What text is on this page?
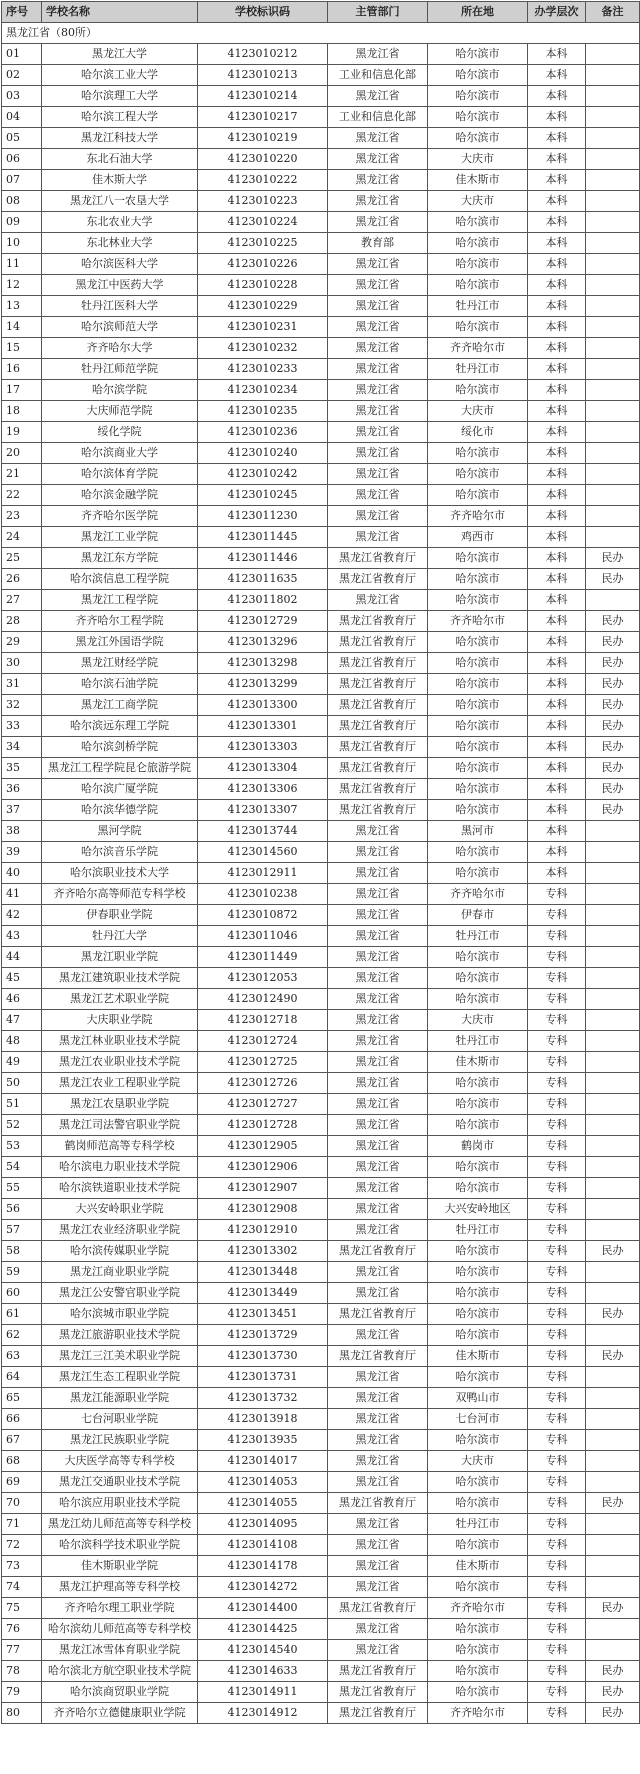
序号	学校名称	学校标识码	主管部门	所在地	办学层次	备注
黑龙江省（80所）						
01	黑龙江大学	4123010212	黑龙江省	哈尔滨市	本科	
02	哈尔滨工业大学	4123010213	工业和信息化部	哈尔滨市	本科	
03	哈尔滨理工大学	4123010214	黑龙江省	哈尔滨市	本科	
04	哈尔滨工程大学	4123010217	工业和信息化部	哈尔滨市	本科	
05	黑龙江科技大学	4123010219	黑龙江省	哈尔滨市	本科	
06	东北石油大学	4123010220	黑龙江省	大庆市	本科	
07	佳木斯大学	4123010222	黑龙江省	佳木斯市	本科	
08	黑龙江八一农垦大学	4123010223	黑龙江省	大庆市	本科	
09	东北农业大学	4123010224	黑龙江省	哈尔滨市	本科	
10	东北林业大学	4123010225	教育部	哈尔滨市	本科	
11	哈尔滨医科大学	4123010226	黑龙江省	哈尔滨市	本科	
12	黑龙江中医药大学	4123010228	黑龙江省	哈尔滨市	本科	
13	牡丹江医科大学	4123010229	黑龙江省	牡丹江市	本科	
14	哈尔滨师范大学	4123010231	黑龙江省	哈尔滨市	本科	
15	齐齐哈尔大学	4123010232	黑龙江省	齐齐哈尔市	本科	
16	牡丹江师范学院	4123010233	黑龙江省	牡丹江市	本科	
17	哈尔滨学院	4123010234	黑龙江省	哈尔滨市	本科	
18	大庆师范学院	4123010235	黑龙江省	大庆市	本科	
19	绥化学院	4123010236	黑龙江省	绥化市	本科	
20	哈尔滨商业大学	4123010240	黑龙江省	哈尔滨市	本科	
21	哈尔滨体育学院	4123010242	黑龙江省	哈尔滨市	本科	
22	哈尔滨金融学院	4123010245	黑龙江省	哈尔滨市	本科	
23	齐齐哈尔医学院	4123011230	黑龙江省	齐齐哈尔市	本科	
24	黑龙江工业学院	4123011445	黑龙江省	鸡西市	本科	
25	黑龙江东方学院	4123011446	黑龙江省教育厅	哈尔滨市	本科	民办
26	哈尔滨信息工程学院	4123011635	黑龙江省教育厅	哈尔滨市	本科	民办
27	黑龙江工程学院	4123011802	黑龙江省	哈尔滨市	本科	
28	齐齐哈尔工程学院	4123012729	黑龙江省教育厅	齐齐哈尔市	本科	民办
29	黑龙江外国语学院	4123013296	黑龙江省教育厅	哈尔滨市	本科	民办
30	黑龙江财经学院	4123013298	黑龙江省教育厅	哈尔滨市	本科	民办
31	哈尔滨石油学院	4123013299	黑龙江省教育厅	哈尔滨市	本科	民办
32	黑龙江工商学院	4123013300	黑龙江省教育厅	哈尔滨市	本科	民办
33	哈尔滨远东理工学院	4123013301	黑龙江省教育厅	哈尔滨市	本科	民办
34	哈尔滨剑桥学院	4123013303	黑龙江省教育厅	哈尔滨市	本科	民办
35	黑龙江工程学院昆仑旅游学院	4123013304	黑龙江省教育厅	哈尔滨市	本科	民办
36	哈尔滨广厦学院	4123013306	黑龙江省教育厅	哈尔滨市	本科	民办
37	哈尔滨华德学院	4123013307	黑龙江省教育厅	哈尔滨市	本科	民办
38	黑河学院	4123013744	黑龙江省	黑河市	本科	
39	哈尔滨音乐学院	4123014560	黑龙江省	哈尔滨市	本科	
40	哈尔滨职业技术大学	4123012911	黑龙江省	哈尔滨市	本科	
41	齐齐哈尔高等师范专科学校	4123010238	黑龙江省	齐齐哈尔市	专科	
42	伊春职业学院	4123010872	黑龙江省	伊春市	专科	
43	牡丹江大学	4123011046	黑龙江省	牡丹江市	专科	
44	黑龙江职业学院	4123011449	黑龙江省	哈尔滨市	专科	
45	黑龙江建筑职业技术学院	4123012053	黑龙江省	哈尔滨市	专科	
46	黑龙江艺术职业学院	4123012490	黑龙江省	哈尔滨市	专科	
47	大庆职业学院	4123012718	黑龙江省	大庆市	专科	
48	黑龙江林业职业技术学院	4123012724	黑龙江省	牡丹江市	专科	
49	黑龙江农业职业技术学院	4123012725	黑龙江省	佳木斯市	专科	
50	黑龙江农业工程职业学院	4123012726	黑龙江省	哈尔滨市	专科	
51	黑龙江农垦职业学院	4123012727	黑龙江省	哈尔滨市	专科	
52	黑龙江司法警官职业学院	4123012728	黑龙江省	哈尔滨市	专科	
53	鹤岗师范高等专科学校	4123012905	黑龙江省	鹤岗市	专科	
54	哈尔滨电力职业技术学院	4123012906	黑龙江省	哈尔滨市	专科	
55	哈尔滨铁道职业技术学院	4123012907	黑龙江省	哈尔滨市	专科	
56	大兴安岭职业学院	4123012908	黑龙江省	大兴安岭地区	专科	
57	黑龙江农业经济职业学院	4123012910	黑龙江省	牡丹江市	专科	
58	哈尔滨传媒职业学院	4123013302	黑龙江省教育厅	哈尔滨市	专科	民办
59	黑龙江商业职业学院	4123013448	黑龙江省	哈尔滨市	专科	
60	黑龙江公安警官职业学院	4123013449	黑龙江省	哈尔滨市	专科	
61	哈尔滨城市职业学院	4123013451	黑龙江省教育厅	哈尔滨市	专科	民办
62	黑龙江旅游职业技术学院	4123013729	黑龙江省	哈尔滨市	专科	
63	黑龙江三江美术职业学院	4123013730	黑龙江省教育厅	佳木斯市	专科	民办
64	黑龙江生态工程职业学院	4123013731	黑龙江省	哈尔滨市	专科	
65	黑龙江能源职业学院	4123013732	黑龙江省	双鸭山市	专科	
66	七台河职业学院	4123013918	黑龙江省	七台河市	专科	
67	黑龙江民族职业学院	4123013935	黑龙江省	哈尔滨市	专科	
68	大庆医学高等专科学校	4123014017	黑龙江省	大庆市	专科	
69	黑龙江交通职业技术学院	4123014053	黑龙江省	哈尔滨市	专科	
70	哈尔滨应用职业技术学院	4123014055	黑龙江省教育厅	哈尔滨市	专科	民办
71	黑龙江幼儿师范高等专科学校	4123014095	黑龙江省	牡丹江市	专科	
72	哈尔滨科学技术职业学院	4123014108	黑龙江省	哈尔滨市	专科	
73	佳木斯职业学院	4123014178	黑龙江省	佳木斯市	专科	
74	黑龙江护理高等专科学校	4123014272	黑龙江省	哈尔滨市	专科	
75	齐齐哈尔理工职业学院	4123014400	黑龙江省教育厅	齐齐哈尔市	专科	民办
76	哈尔滨幼儿师范高等专科学校	4123014425	黑龙江省	哈尔滨市	专科	
77	黑龙江冰雪体育职业学院	4123014540	黑龙江省	哈尔滨市	专科	
78	哈尔滨北方航空职业技术学院	4123014633	黑龙江省教育厅	哈尔滨市	专科	民办
79	哈尔滨商贸职业学院	4123014911	黑龙江省教育厅	哈尔滨市	专科	民办
80	齐齐哈尔立德健康职业学院	4123014912	黑龙江省教育厅	齐齐哈尔市	专科	民办
